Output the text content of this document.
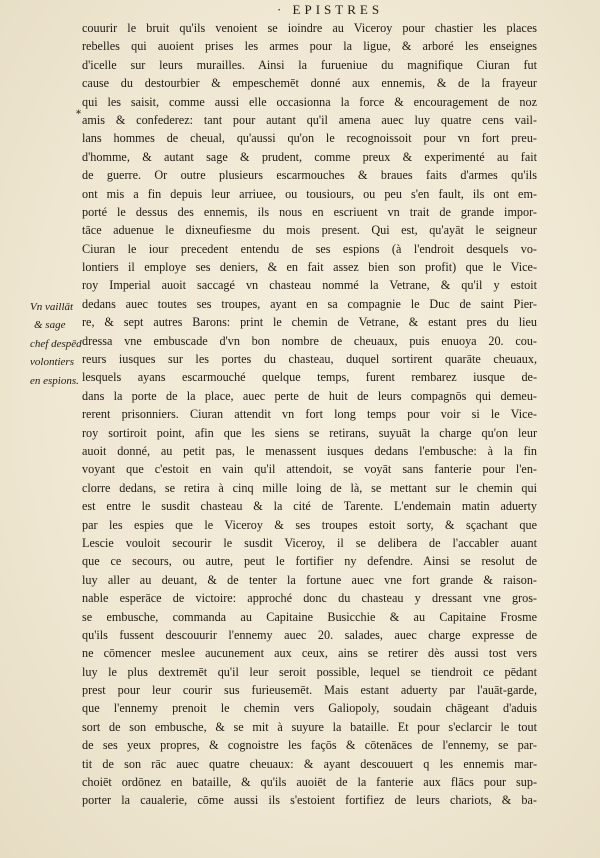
· EPISTRES
*
Vn vaillāt
& sage
chef despēd
volontiers
en espions.
couurir le bruit qu'ils venoient se ioindre au Viceroy pour chastier les places
rebelles qui auoient prises les armes pour la ligue, & arboré les enseignes
d'icelle sur leurs murailles. Ainsi la furueniue du magnifique Ciuran fut
cause du destourbier & empeschemēt donné aux ennemis, & de la frayeur
qui les saisit, comme aussi elle occasionna la force & encouragement de noz
amis & confederez: tant pour autant qu'il amena auec luy quatre cens vail-
lans hommes de cheual, qu'aussi qu'on le recognoissoit pour vn fort preu-
d'homme, & autant sage & prudent, comme preux & experimenté au fait
de guerre. Or outre plusieurs escarmouches & braues faits d'armes qu'ils
ont mis a fin depuis leur arriuee, ou tousiours, ou peu s'en fault, ils ont em-
porté le dessus des ennemis, ils nous en escriuent vn trait de grande impor-
tāce aduenue le dixneufiesme du mois present. Qui est, qu'ayāt le seigneur
Ciuran le iour precedent entendu de ses espions (à l'endroit desquels vo-
lontiers il employe ses deniers, & en fait assez bien son profit) que le Vice-
roy Imperial auoit saccagé vn chasteau nommé la Vetrane, & qu'il y estoit
dedans auec toutes ses troupes, ayant en sa compagnie le Duc de saint Pier-
re, & sept autres Barons: print le chemin de Vetrane, & estant pres du lieu
dressa vne embuscade d'vn bon nombre de cheuaux, puis enuoya 20. cou-
reurs iusques sur les portes du chasteau, duquel sortirent quarāte cheuaux,
lesquels ayans escarmouché quelque temps, furent rembarez iusque de-
dans la porte de la place, auec perte de huit de leurs compagnōs qui demeu-
rerent prisonniers. Ciuran attendit vn fort long temps pour voir si le Vice-
roy sortiroit point, afin que les siens se retirans, suyuāt la charge qu'on leur
auoit donné, au petit pas, le menassent iusques dedans l'embusche: à la fin
voyant que c'estoit en vain qu'il attendoit, se voyāt sans fanterie pour l'en-
clorre dedans, se retira à cinq mille loing de là, se mettant sur le chemin qui
est entre le susdit chasteau & la cité de Tarente. L'endemain matin aduerty
par les espies que le Viceroy & ses troupes estoit sorty, & sçachant que
Lescie vouloit secourir le susdit Viceroy, il se delibera de l'accabler auant
que ce secours, ou autre, peut le fortifier ny defendre. Ainsi se resolut de
luy aller au deuant, & de tenter la fortune auec vne fort grande & raison-
nable esperāce de victoire: approché donc du chasteau y dressant vne gros-
se embusche, commanda au Capitaine Busicchie & au Capitaine Frosme
qu'ils fussent descouurir l'ennemy auec 20. salades, auec charge expresse de
ne cōmencer meslee aucunement aux ceux, ains se retirer dès aussi tost vers
luy le plus dextremēt qu'il leur seroit possible, lequel se tiendroit ce pēdant
prest pour leur courir sus furieusemēt. Mais estant aduerty par l'auāt-garde,
que l'ennemy prenoit le chemin vers Galiopoly, soudain chāgeant d'aduis
sort de son embusche, & se mit à suyure la bataille. Et pour s'eclarcir le tout
de ses yeux propres, & cognoistre les façōs & cōtenāces de l'ennemy, se par-
tit de son rāc auec quatre cheuaux: & ayant descouuert q les ennemis mar-
choiēt ordōnez en bataille, & qu'ils auoiēt de la fanterie aux flācs pour sup-
porter la caualerie, cōme aussi ils s'estoient fortifiez de leurs chariots, & ba-
